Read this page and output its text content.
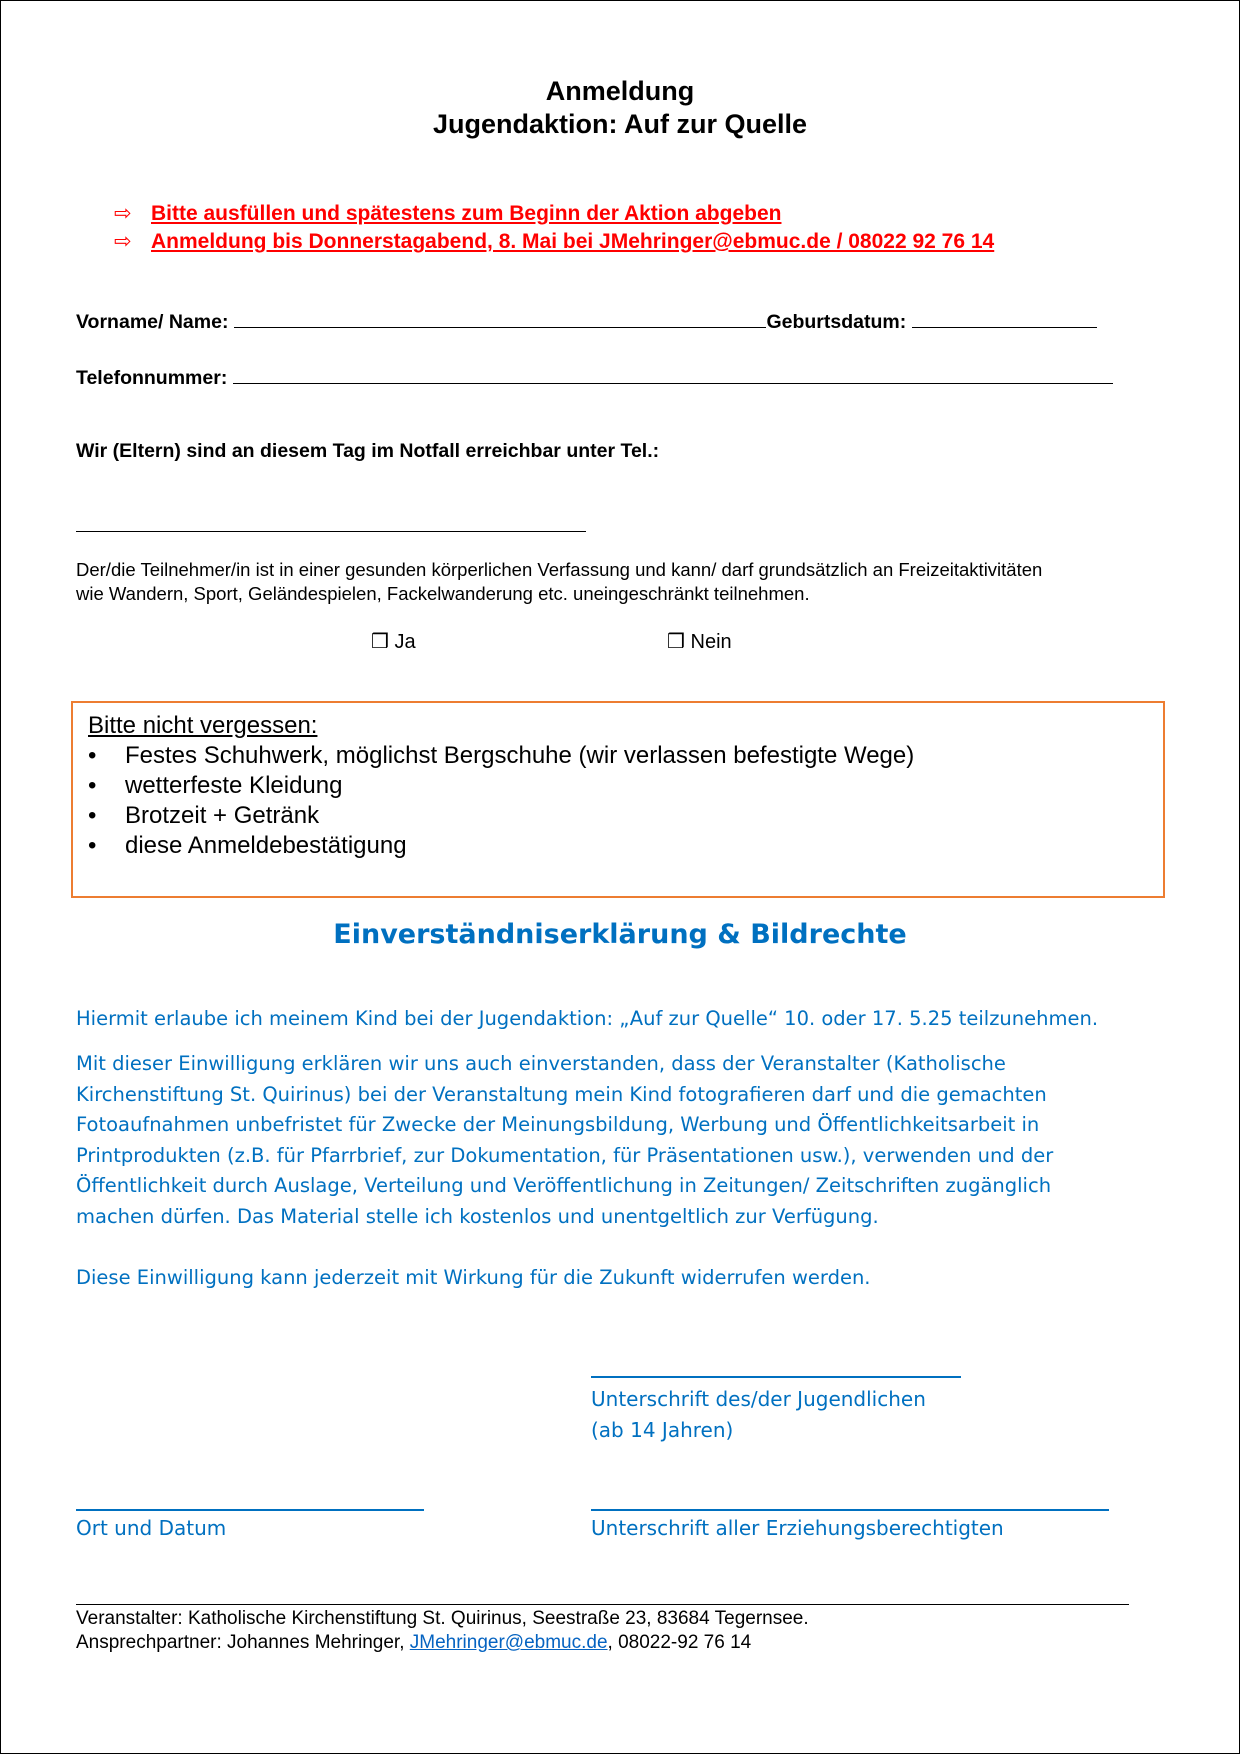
Anmeldung
Jugendaktion: Auf zur Quelle
⇨ Bitte ausfüllen und spätestens zum Beginn der Aktion abgeben
⇨ Anmeldung bis Donnerstagabend, 8. Mai bei JMehringer@ebmuc.de / 08022 92 76 14
Vorname/ Name:	Geburtsdatum:
Telefonnummer:
Wir (Eltern) sind an diesem Tag im Notfall erreichbar unter Tel.:
Der/die Teilnehmer/in ist in einer gesunden körperlichen Verfassung und kann/ darf grundsätzlich an Freizeitaktivitäten
wie Wandern, Sport, Geländespielen, Fackelwanderung etc. uneingeschränkt teilnehmen.
❒ Ja	❒ Nein
Bitte nicht vergessen:
• Festes Schuhwerk, möglichst Bergschuhe (wir verlassen befestigte Wege)
• wetterfeste Kleidung
• Brotzeit + Getränk
• diese Anmeldebestätigung
Einverständniserklärung & Bildrechte
Hiermit erlaube ich meinem Kind bei der Jugendaktion: „Auf zur Quelle“ 10. oder 17. 5.25 teilzunehmen.
Mit dieser Einwilligung erklären wir uns auch einverstanden, dass der Veranstalter (Katholische
Kirchenstiftung St. Quirinus) bei der Veranstaltung mein Kind fotografieren darf und die gemachten
Fotoaufnahmen unbefristet für Zwecke der Meinungsbildung, Werbung und Öffentlichkeitsarbeit in
Printprodukten (z.B. für Pfarrbrief, zur Dokumentation, für Präsentationen usw.), verwenden und der
Öffentlichkeit durch Auslage, Verteilung und Veröffentlichung in Zeitungen/ Zeitschriften zugänglich
machen dürfen. Das Material stelle ich kostenlos und unentgeltlich zur Verfügung.
Diese Einwilligung kann jederzeit mit Wirkung für die Zukunft widerrufen werden.
Unterschrift des/der Jugendlichen
(ab 14 Jahren)
Ort und Datum	Unterschrift aller Erziehungsberechtigten
Veranstalter: Katholische Kirchenstiftung St. Quirinus, Seestraße 23, 83684 Tegernsee.
Ansprechpartner: Johannes Mehringer, JMehringer@ebmuc.de, 08022-92 76 14
